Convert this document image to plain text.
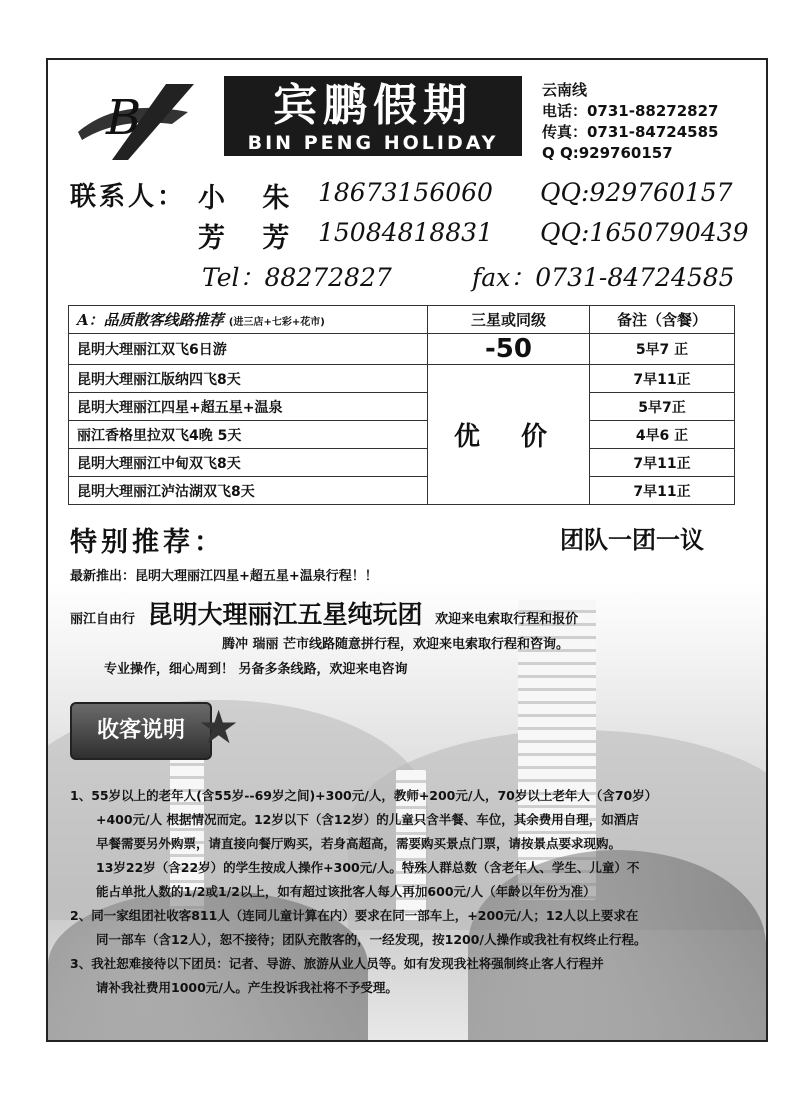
B	宾鹏假期
BIN PENG HOLIDAY
云南线
电话：0731-88272827
传真：0731-84724585
Q Q:929760157
联系人： 小 朱 18673156060 QQ:929760157
芳 芳 15084818831 QQ:1650790439
Tel：88272827	fax：0731-84724585
A：品质散客线路推荐 (进三店+七彩+花市)	三星或同级	备注（含餐）
昆明大理丽江双飞6日游	-50	5早7 正
昆明大理丽江版纳四飞8天	优 价	7早11正
昆明大理丽江四星+超五星+温泉		5早7正
丽江香格里拉双飞4晚 5天		4早6 正
昆明大理丽江中甸双飞8天		7早11正
昆明大理丽江泸沽湖双飞8天		7早11正
特别推荐：	团队一团一议
最新推出：昆明大理丽江四星+超五星+温泉行程！！
丽江自由行 昆明大理丽江五星纯玩团 欢迎来电索取行程和报价
腾冲 瑞丽 芒市线路随意拼行程，欢迎来电索取行程和咨询。
专业操作，细心周到！ 另备多条线路，欢迎来电咨询
收客说明 ★

1、55岁以上的老年人(含55岁--69岁之间)+300元/人，教师+200元/人，70岁以上老年人（含70岁）

+400元/人 根据情况而定。12岁以下（含12岁）的儿童只含半餐、车位，其余费用自理，如酒店

早餐需要另外购票，请直接向餐厅购买，若身高超高，需要购买景点门票，请按景点要求现购。

13岁22岁（含22岁）的学生按成人操作+300元/人。特殊人群总数（含老年人、学生、儿童）不

能占单批人数的1/2或1/2以上，如有超过该批客人每人再加600元/人（年龄以年份为准）

2、同一家组团社收客811人（连同儿童计算在内）要求在同一部车上，+200元/人；12人以上要求在

同一部车（含12人），恕不接待；团队充散客的，一经发现，按1200/人操作或我社有权终止行程。

3、我社恕难接待以下团员：记者、导游、旅游从业人员等。如有发现我社将强制终止客人行程并

请补我社费用1000元/人。产生投诉我社将不予受理。
